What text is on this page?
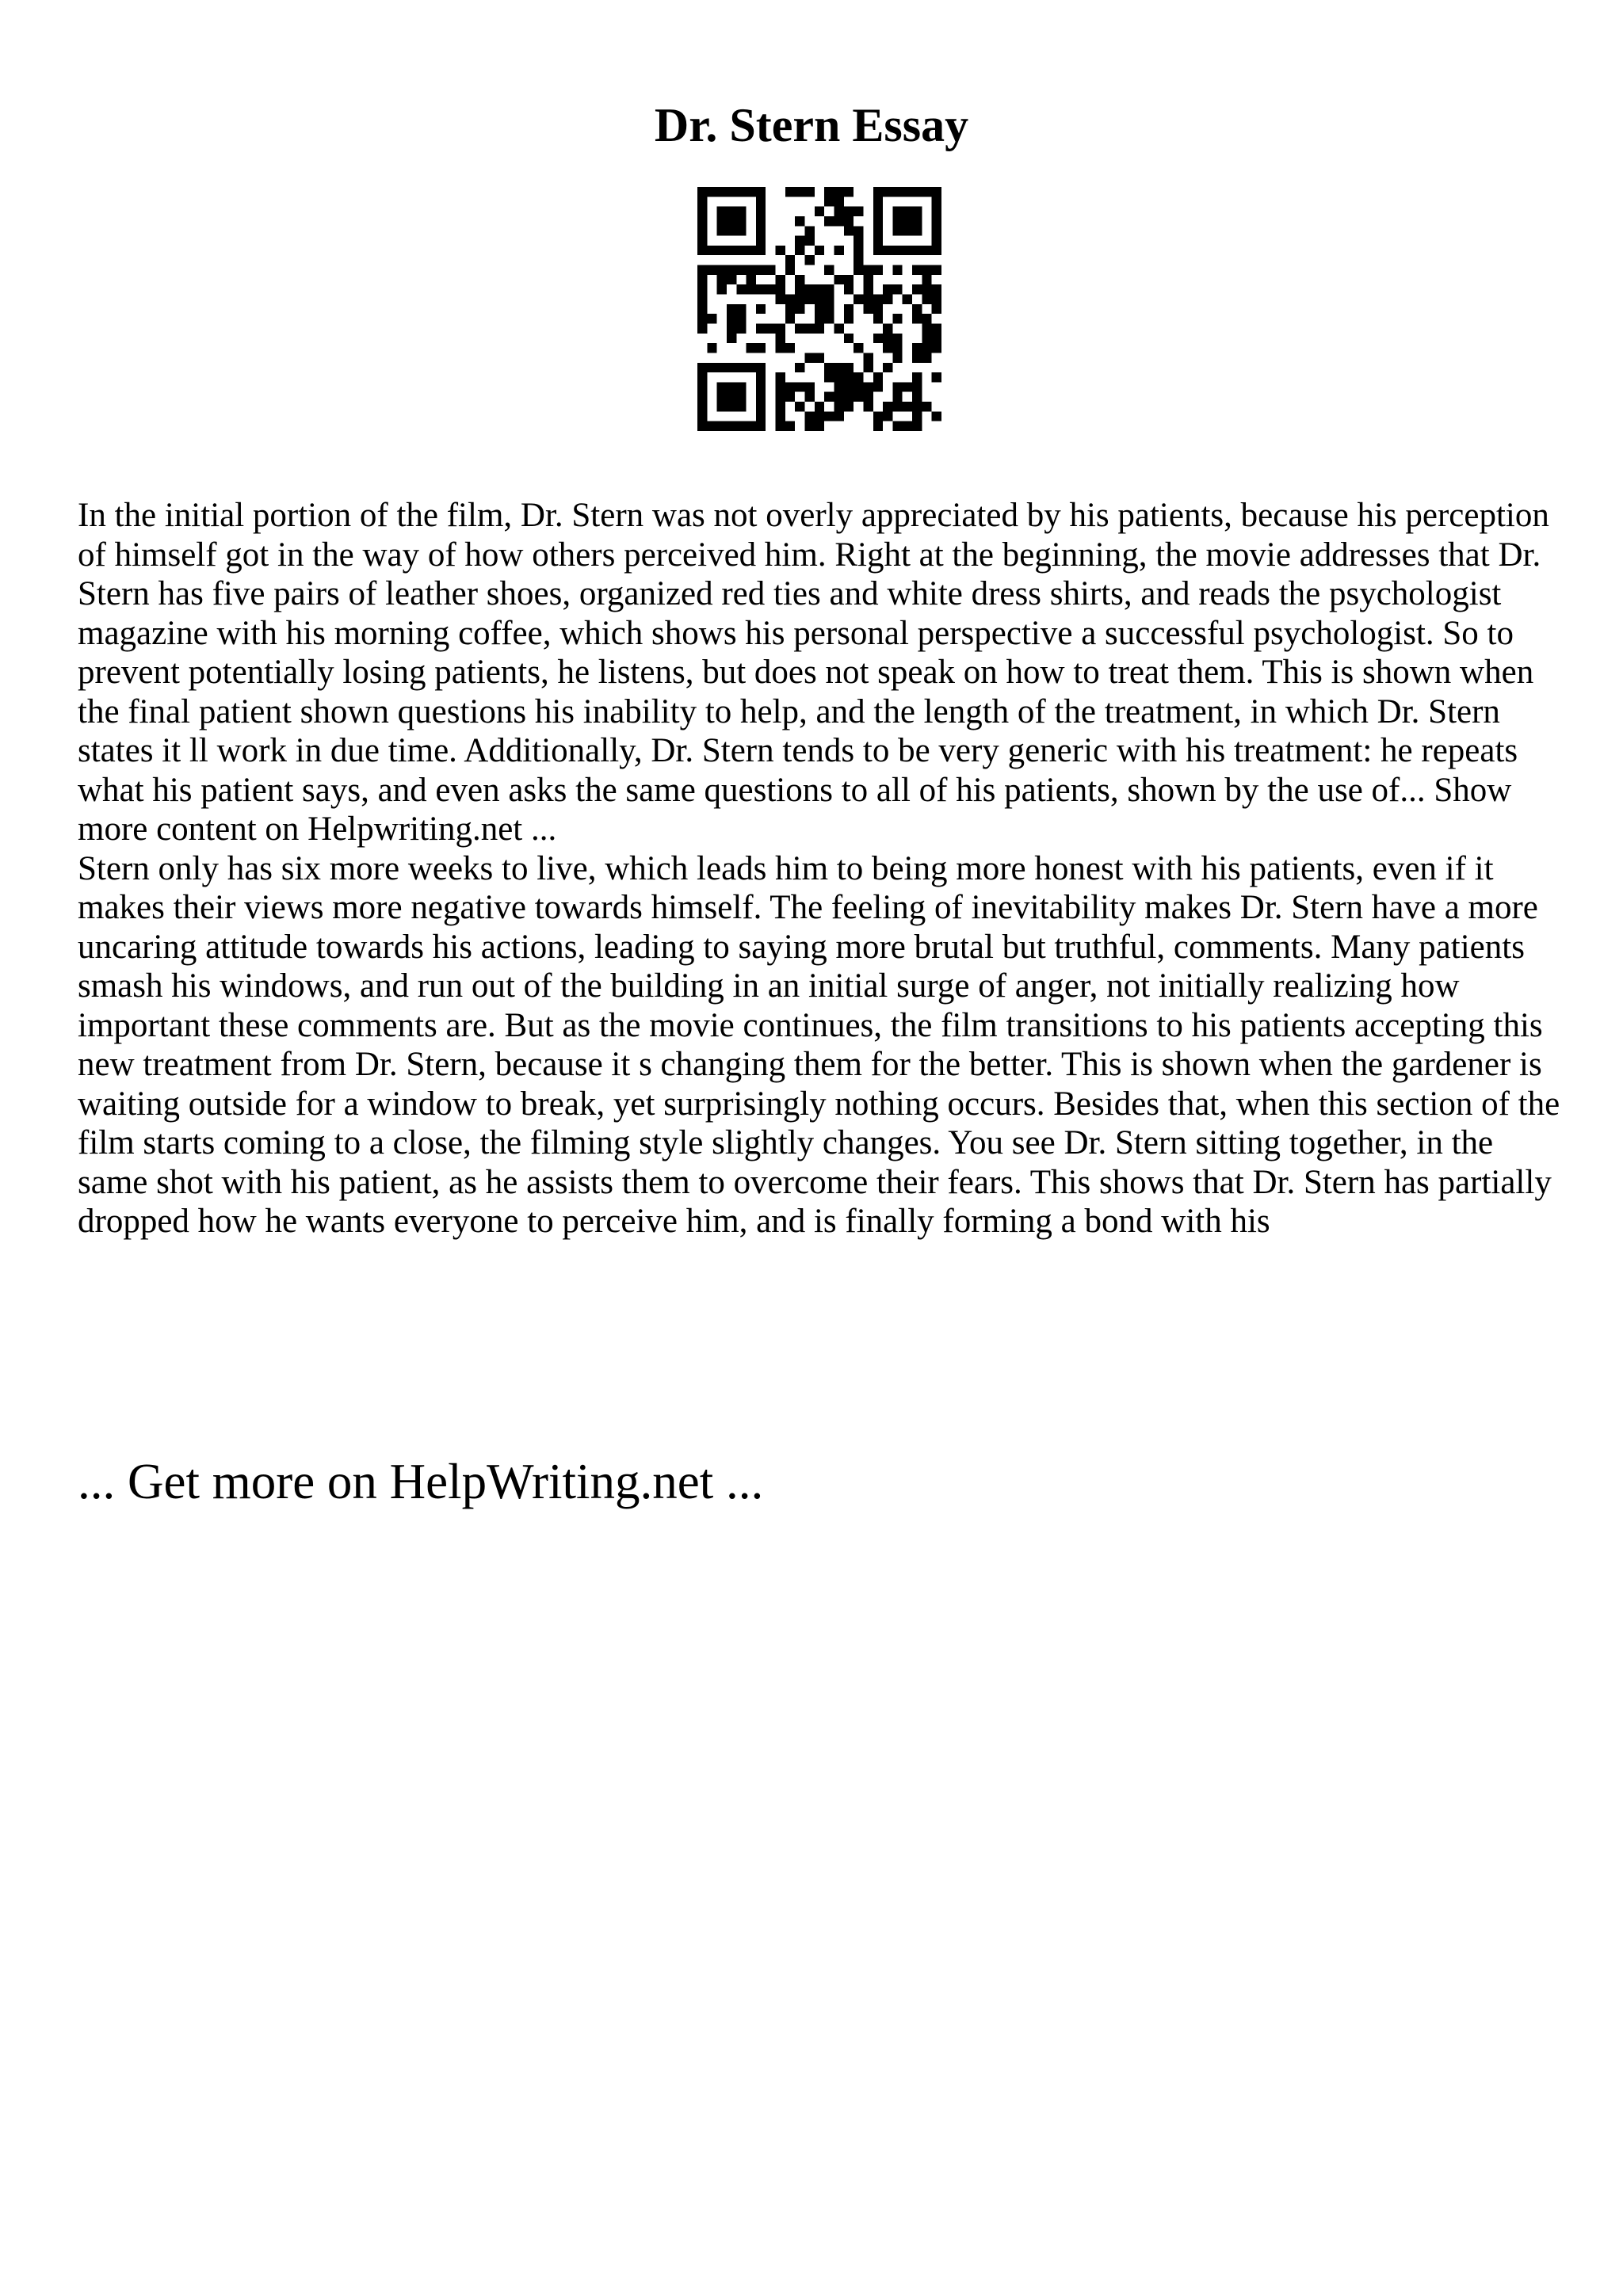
Dr. Stern Essay

In the initial portion of the film, Dr. Stern was not overly appreciated by his patients, because his perception of himself got in the way of how others perceived him. Right at the beginning, the movie addresses that Dr. Stern has five pairs of leather shoes, organized red ties and white dress shirts, and reads the psychologist magazine with his morning coffee, which shows his personal perspective a successful psychologist. So to prevent potentially losing patients, he listens, but does not speak on how to treat them. This is shown when the final patient shown questions his inability to help, and the length of the treatment, in which Dr. Stern states it ll work in due time. Additionally, Dr. Stern tends to be very generic with his treatment: he repeats what his patient says, and even asks the same questions to all of his patients, shown by the use of... Show more content on Helpwriting.net ...

Stern only has six more weeks to live, which leads him to being more honest with his patients, even if it makes their views more negative towards himself. The feeling of inevitability makes Dr. Stern have a more uncaring attitude towards his actions, leading to saying more brutal but truthful, comments. Many patients smash his windows, and run out of the building in an initial surge of anger, not initially realizing how important these comments are. But as the movie continues, the film transitions to his patients accepting this new treatment from Dr. Stern, because it s changing them for the better. This is shown when the gardener is waiting outside for a window to break, yet surprisingly nothing occurs. Besides that, when this section of the film starts coming to a close, the filming style slightly changes. You see Dr. Stern sitting together, in the same shot with his patient, as he assists them to overcome their fears. This shows that Dr. Stern has partially dropped how he wants everyone to perceive him, and is finally forming a bond with his

... Get more on HelpWriting.net ...
